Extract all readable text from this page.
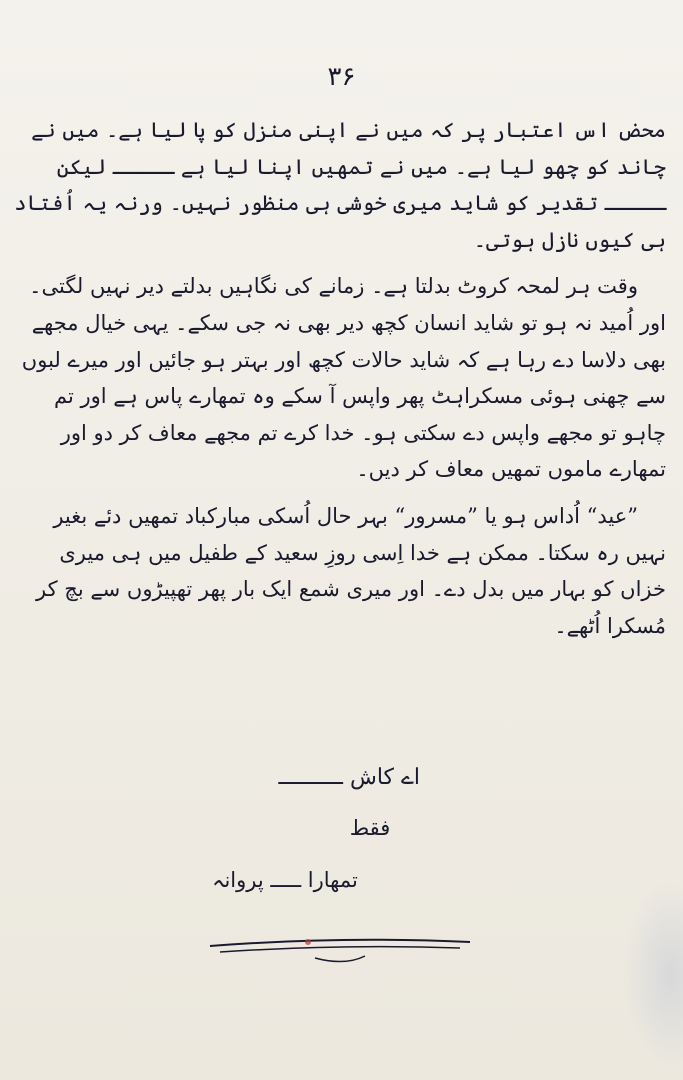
۳۶

محض اس اعتبار پر کہ میں نے اپنی منزل کو پا لیا ہے۔ میں نے چاند کو چھو لیا ہے۔ میں نے تمھیں اپنا لیا ہے ـــــ لیکن ـــــ تقدیر کو شاید میری خوشی ہی منظور نہیں۔ ورنہ یہ اُفتاد ہی کیوں نازل ہوتی۔

وقت ہر لمحہ کروٹ بدلتا ہے۔ زمانے کی نگاہیں بدلتے دیر نہیں لگتی۔ اور اُمید نہ ہو تو شاید انسان کچھ دیر بھی نہ جی سکے۔ یہی خیال مجھے بھی دلاسا دے رہا ہے کہ شاید حالات کچھ اور بہتر ہو جائیں اور میرے لبوں سے چھنی ہوئی مسکراہٹ پھر واپس آ سکے وہ تمھارے پاس ہے اور تم چاہو تو مجھے واپس دے سکتی ہو۔ خدا کرے تم مجھے معاف کر دو اور تمھارے ماموں تمھیں معاف کر دیں۔

”عید“ اُداس ہو یا ”مسرور“ بہر حال اُسکی مبارکباد تمھیں دئے بغیر نہیں رہ سکتا۔ ممکن ہے خدا اِسی روزِ سعید کے طفیل میں ہی میری خزاں کو بہار میں بدل دے۔ اور میری شمع ایک بار پھر تھپیڑوں سے بچ کر مُسکرا اُٹھے۔

اے کاش ــــــــــ
فقط
تمھارا ـــــ پروانہ
